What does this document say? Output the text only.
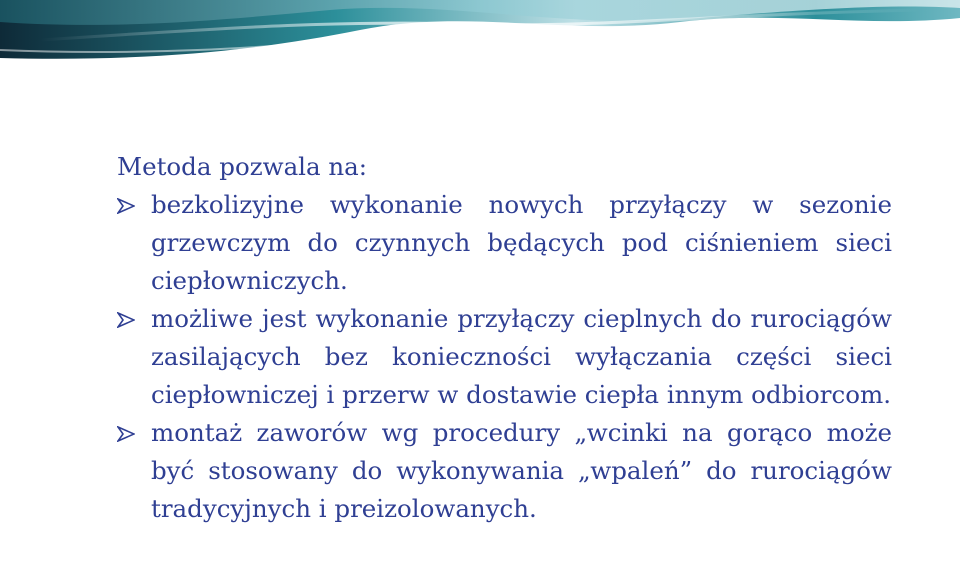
Metoda pozwala na:

bezkolizyjne wykonanie nowych przyłączy w sezonie grzewczym do czynnych będących pod ciśnieniem sieci ciepłowniczych.
możliwe jest wykonanie przyłączy cieplnych do rurociągów zasilających bez konieczności wyłączania części sieci ciepłowniczej i przerw w dostawie ciepła innym odbiorcom.
montaż zaworów wg procedury „wcinki na gorąco może być stosowany do wykonywania „wpaleń” do rurociągów tradycyjnych i preizolowanych.
